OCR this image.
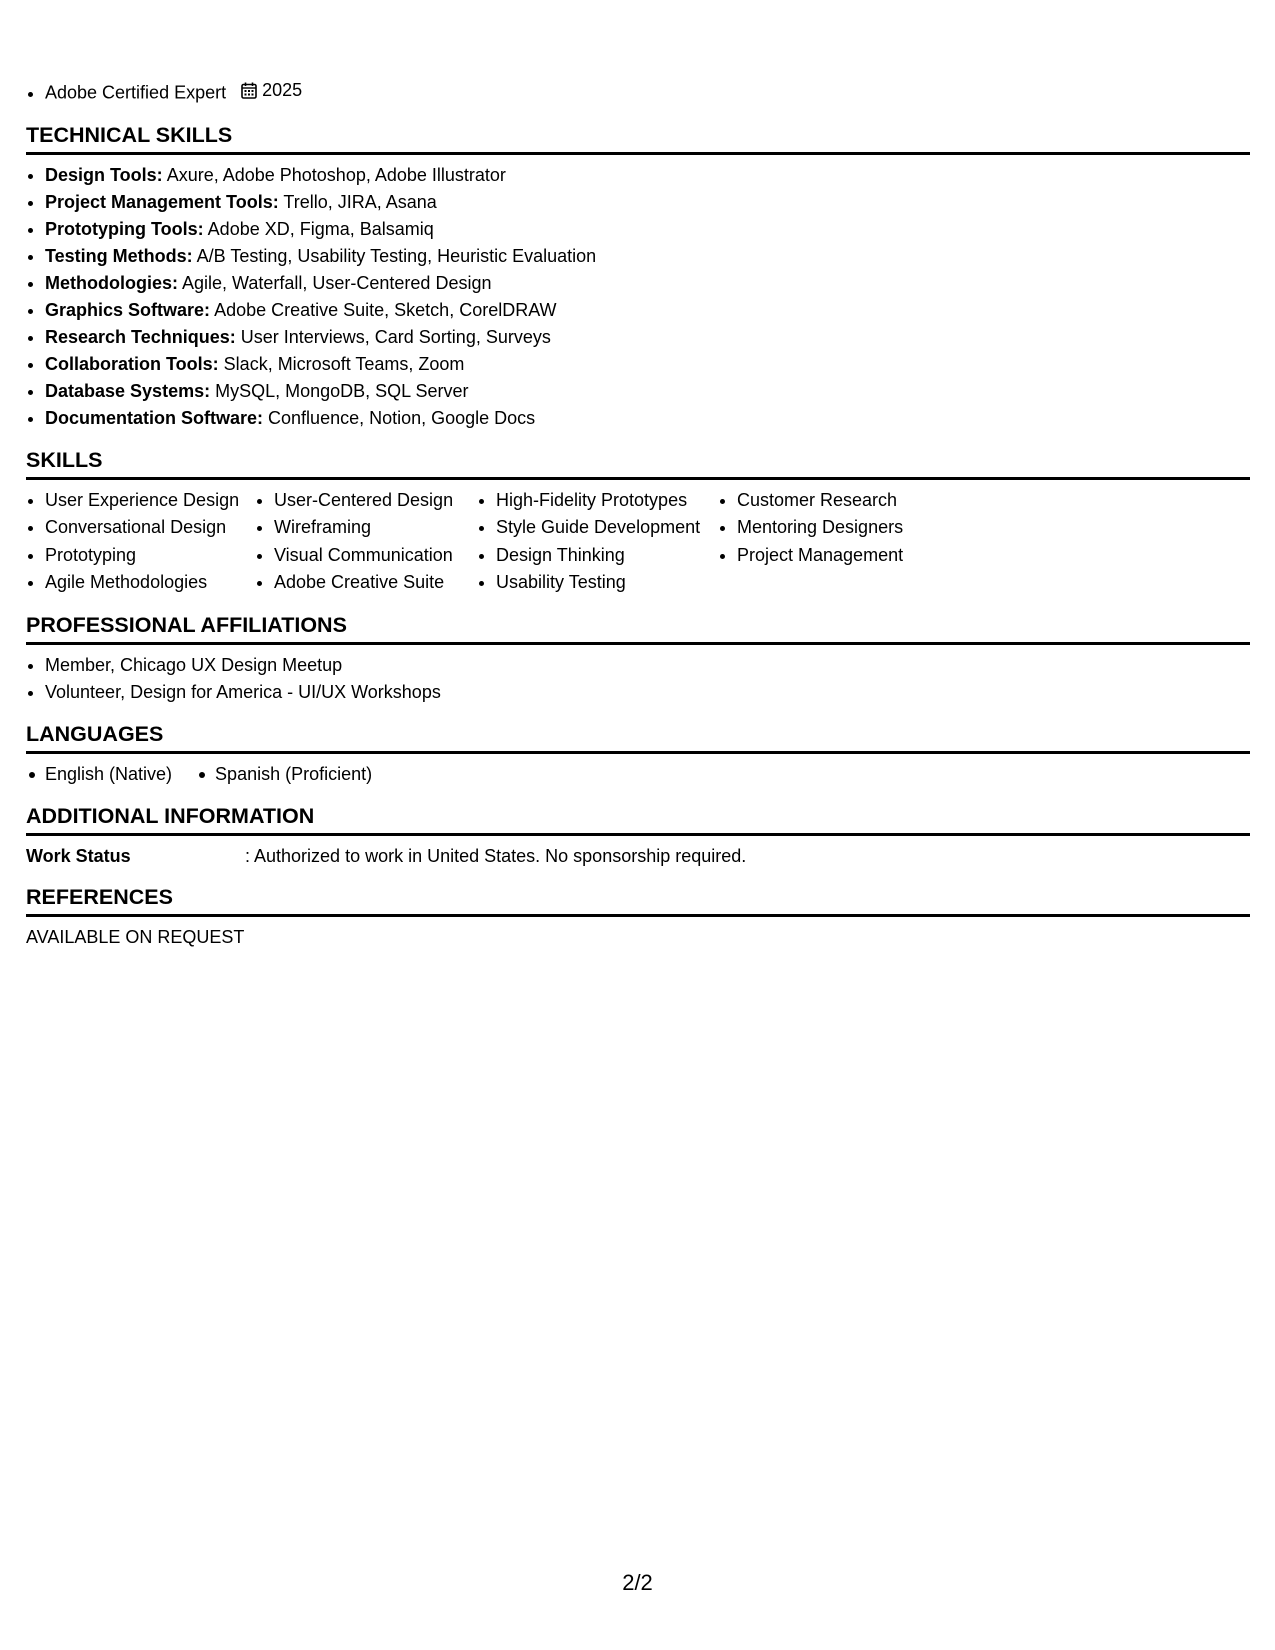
• Adobe Certified Expert 2025
TECHNICAL SKILLS
• Design Tools: Axure, Adobe Photoshop, Adobe Illustrator
• Project Management Tools: Trello, JIRA, Asana
• Prototyping Tools: Adobe XD, Figma, Balsamiq
• Testing Methods: A/B Testing, Usability Testing, Heuristic Evaluation
• Methodologies: Agile, Waterfall, User-Centered Design
• Graphics Software: Adobe Creative Suite, Sketch, CorelDRAW
• Research Techniques: User Interviews, Card Sorting, Surveys
• Collaboration Tools: Slack, Microsoft Teams, Zoom
• Database Systems: MySQL, MongoDB, SQL Server
• Documentation Software: Confluence, Notion, Google Docs
SKILLS
• User Experience Design
• Conversational Design
• Prototyping
• Agile Methodologies
• User-Centered Design
• Wireframing
• Visual Communication
• Adobe Creative Suite
• High-Fidelity Prototypes
• Style Guide Development
• Design Thinking
• Usability Testing
• Customer Research
• Mentoring Designers
• Project Management
PROFESSIONAL AFFILIATIONS
• Member, Chicago UX Design Meetup
• Volunteer, Design for America - UI/UX Workshops
LANGUAGES
English (Native)	Spanish (Proficient)
ADDITIONAL INFORMATION
Work Status	: Authorized to work in United States. No sponsorship required.
REFERENCES
AVAILABLE ON REQUEST
2/2
